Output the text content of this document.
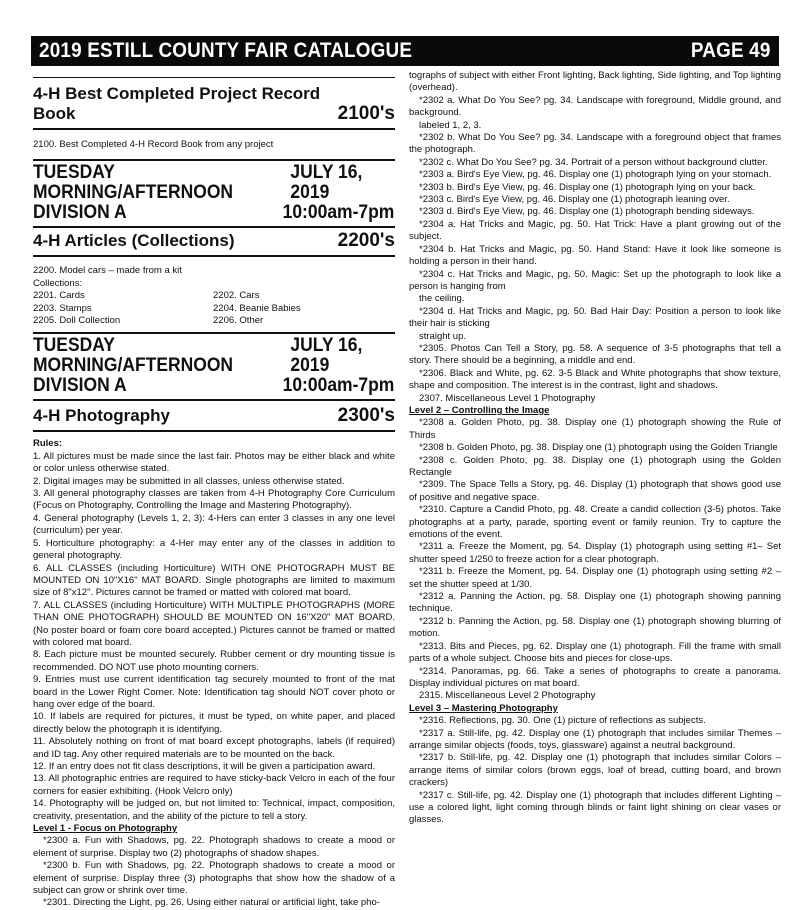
2019 ESTILL COUNTY FAIR CATALOGUE	PAGE 49
4-H Best Completed Project Record Book	2100's

2100. Best Completed 4-H Record Book from any project

TUESDAY MORNING/AFTERNOON
JULY 16, 2019
DIVISION A	10:00am-7pm
4-H Articles (Collections)	2200's

2200. Model cars – made from a kit

Collections:

2201. Cards	2202. Cars
2203. Stamps	2204. Beanie Babies
2205. Doll Collection	2206. Other
TUESDAY MORNING/AFTERNOON
JULY 16, 2019
DIVISION A	10:00am-7pm
4-H Photography	2300's

Rules:

1. All pictures must be made since the last fair. Photos may be either black and white or color unless otherwise stated.

2. Digital images may be submitted in all classes, unless otherwise stated.

3. All general photography classes are taken from 4-H Photography Core Curriculum (Focus on Photography, Controlling the Image and Mastering Photography).

4. General photography (Levels 1, 2, 3): 4-Hers can enter 3 classes in any one level (curriculum) per year.

5. Horticulture photography: a 4-Her may enter any of the classes in addition to general photography.

6. ALL CLASSES (including Horticulture) WITH ONE PHOTOGRAPH MUST BE MOUNTED ON 10"X16" MAT BOARD. Single photographs are limited to maximum size of 8"x12". Pictures cannot be framed or matted with colored mat board.

7. ALL CLASSES (including Horticulture) WITH MULTIPLE PHOTOGRAPHS (MORE THAN ONE PHOTOGRAPH) SHOULD BE MOUNTED ON 16"X20" MAT BOARD. (No poster board or foam core board accepted.) Pictures cannot be framed or matted with colored mat board.

8. Each picture must be mounted securely. Rubber cement or dry mounting tissue is recommended. DO NOT use photo mounting corners.

9. Entries must use current identification tag securely mounted to front of the mat board in the Lower Right Corner. Note: Identification tag should NOT cover photo or hang over edge of the board.

10. If labels are required for pictures, it must be typed, on white paper, and placed directly below the photograph it is identifying.

11. Absolutely nothing on front of mat board except photographs, labels (if required) and ID tag. Any other required materials are to be mounted on the back.

12. If an entry does not fit class descriptions, it will be given a participation award.

13. All photographic entries are required to have sticky-back Velcro in each of the four corners for easier exhibiting. (Hook Velcro only)

14. Photography will be judged on, but not limited to: Technical, impact, composition, creativity, presentation, and the ability of the picture to tell a story.

Level 1 - Focus on Photography

*2300 a. Fun with Shadows, pg. 22. Photograph shadows to create a mood or element of surprise. Display two (2) photographs of shadow shapes.

*2300 b. Fun with Shadows, pg. 22. Photograph shadows to create a mood or element of surprise. Display three (3) photographs that show how the shadow of a subject can grow or shrink over time.

*2301. Directing the Light, pg. 26. Using either natural or artificial light, take pho-

tographs of subject with either Front lighting, Back lighting, Side lighting, and Top lighting (overhead).

*2302 a. What Do You See? pg. 34. Landscape with foreground, Middle ground, and background.

labeled 1, 2, 3.

*2302 b. What Do You See? pg. 34. Landscape with a foreground object that frames the photograph.

*2302 c. What Do You See? pg. 34. Portrait of a person without background clutter.

*2303 a. Bird's Eye View, pg. 46. Display one (1) photograph lying on your stomach.

*2303 b. Bird's Eye View, pg. 46. Display one (1) photograph lying on your back.

*2303 c. Bird's Eye View, pg. 46. Display one (1) photograph leaning over.

*2303 d. Bird's Eye View, pg. 46. Display one (1) photograph bending sideways.

*2304 a. Hat Tricks and Magic, pg. 50. Hat Trick: Have a plant growing out of the subject.

*2304 b. Hat Tricks and Magic, pg. 50. Hand Stand: Have it look like someone is holding a person in their hand.

*2304 c. Hat Tricks and Magic, pg. 50. Magic: Set up the photograph to look like a person is hanging from

the ceiling.

*2304 d. Hat Tricks and Magic, pg. 50. Bad Hair Day: Position a person to look like their hair is sticking

straight up.

*2305. Photos Can Tell a Story, pg. 58. A sequence of 3-5 photographs that tell a story. There should be a beginning, a middle and end.

*2306. Black and White, pg. 62. 3-5 Black and White photographs that show texture, shape and composition. The interest is in the contrast, light and shadows.

2307. Miscellaneous Level 1 Photography

Level 2 – Controlling the Image

*2308 a. Golden Photo, pg. 38. Display one (1) photograph showing the Rule of Thirds

*2308 b. Golden Photo, pg. 38. Display one (1) photograph using the Golden Triangle

*2308 c. Golden Photo, pg. 38. Display one (1) photograph using the Golden Rectangle

*2309. The Space Tells a Story, pg. 46. Display (1) photograph that shows good use of positive and negative space.

*2310. Capture a Candid Photo, pg. 48. Create a candid collection (3-5) photos. Take photographs at a party, parade, sporting event or family reunion. Try to capture the emotions of the event.

*2311 a. Freeze the Moment, pg. 54. Display (1) photograph using setting #1– Set shutter speed 1/250 to freeze action for a clear photograph.

*2311 b. Freeze the Moment, pg. 54. Display one (1) photograph using setting #2 – set the shutter speed at 1/30.

*2312 a. Panning the Action, pg. 58. Display one (1) photograph showing panning technique.

*2312 b. Panning the Action, pg. 58. Display one (1) photograph showing blurring of motion.

*2313. Bits and Pieces, pg. 62. Display one (1) photograph. Fill the frame with small parts of a whole subject. Choose bits and pieces for close-ups.

*2314. Panoramas, pg. 66. Take a series of photographs to create a panorama. Display individual pictures on mat board.

2315. Miscellaneous Level 2 Photography

Level 3 – Mastering Photography

*2316. Reflections, pg. 30. One (1) picture of reflections as subjects.

*2317 a. Still-life, pg. 42. Display one (1) photograph that includes similar Themes – arrange similar objects (foods, toys, glassware) against a neutral background.

*2317 b. Still-life, pg. 42. Display one (1) photograph that includes similar Colors – arrange items of similar colors (brown eggs, loaf of bread, cutting board, and brown crackers)

*2317 c. Still-life, pg. 42. Display one (1) photograph that includes different Lighting – use a colored light, light coming through blinds or faint light shining on clear vases or glasses.
